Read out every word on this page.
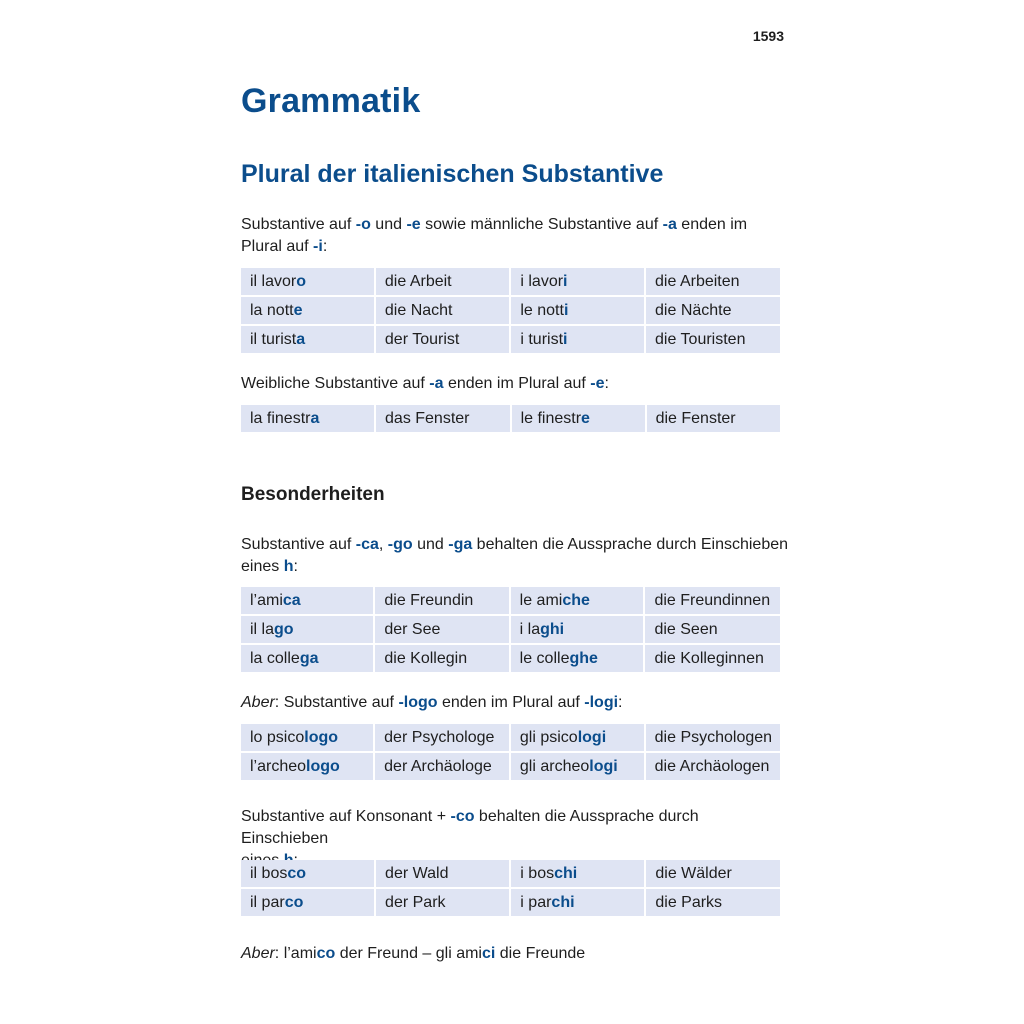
1593
Grammatik
Plural der italienischen Substantive

Substantive auf -o und -e sowie männliche Substantive auf -a enden im
Plural auf -i:

il lavoro	die Arbeit	i lavori	die Arbeiten
la notte	die Nacht	le notti	die Nächte
il turista	der Tourist	i turisti	die Touristen

Weibliche Substantive auf -a enden im Plural auf -e:

la finestra	das Fenster	le finestre	die Fenster
Besonderheiten

Substantive auf -ca, -go und -ga behalten die Aussprache durch Einschieben
eines h:

l’amica	die Freundin	le amiche	die Freundinnen
il lago	der See	i laghi	die Seen
la collega	die Kollegin	le colleghe	die Kolleginnen

Aber: Substantive auf -logo enden im Plural auf -logi:

lo psicologo	der Psychologe	gli psicologi	die Psychologen
l’archeologo	der Archäologe	gli archeologi	die Archäologen

Substantive auf Konsonant + -co behalten die Aussprache durch Einschieben

il bosco	der Wald	i boschi	die Wälder
il parco	der Park	i parchi	die Parks

Aber: l’amico der Freund – gli amici die Freunde
